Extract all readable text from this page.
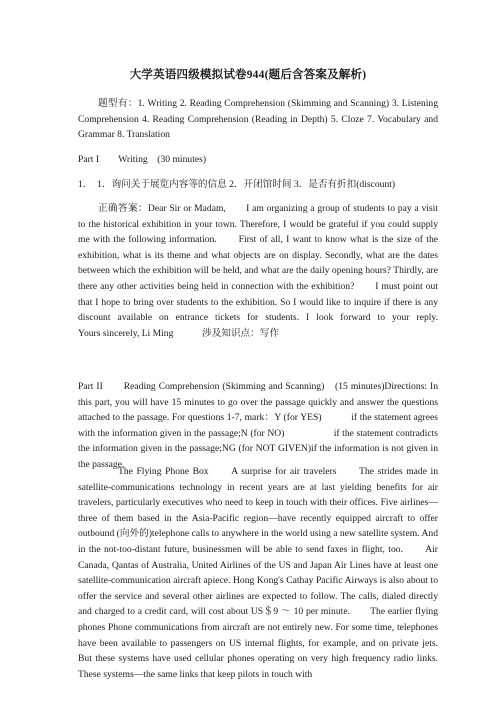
大学英语四级模拟试卷944(题后含答案及解析)

题型有：1. Writing 2. Reading Comprehension (Skimming and Scanning) 3. Listening Comprehension 4. Reading Comprehension (Reading in Depth) 5. Cloze 7. Vocabulary and Grammar 8. Translation

Part I　　Writing　(30 minutes)

1．　1．询问关于展览内容等的信息 2．开闭馆时间 3．是否有折扣(discount)

正确答案：Dear Sir or Madam,　　I am organizing a group of students to pay a visit to the historical exhibition in your town. Therefore, I would be grateful if you could supply me with the following information.　　First of all, I want to know what is the size of the exhibition, what is its theme and what objects are on display. Secondly, what are the dates between which the exhibition will be held, and what are the daily opening hours? Thirdly, are there any other activities being held in connection with the exhibition?　　I must point out that I hope to bring over students to the exhibition. So I would like to inquire if there is any discount available on entrance tickets for students. I look forward to your reply.　　　　Yours sincerely, Li Ming　　　涉及知识点：写作

Part II　　Reading Comprehension (Skimming and Scanning)　(15 minutes)Directions: In this part, you will have 15 minutes to go over the passage quickly and answer the questions attached to the passage. For questions 1-7, mark：Y (for YES)　　　if the statement agrees with the information given in the passage;N (for NO)　　　　　if the statement contradicts the information given in the passage;NG (for NOT GIVEN)if the information is not given in the passage.

The Flying Phone Box　　A surprise for air travelers　　The strides made in satellite-communications technology in recent years are at last yielding benefits for air travelers, particularly executives who need to keep in touch with their offices. Five airlines— three of them based in the Asia-Pacific region—have recently equipped aircraft to offer outbound (向外的)telephone calls to anywhere in the world using a new satellite system. And in the not-too-distant future, businessmen will be able to send faxes in flight, too.　　Air Canada, Qantas of Australia, United Airlines of the US and Japan Air Lines have at least one satellite-communication aircraft apiece. Hong Kong's Cathay Pacific Airways is also about to offer the service and several other airlines are expected to follow. The calls, dialed directly and charged to a credit card, will cost about US＄9 ～ 10 per minute.　　The earlier flying phones Phone communications from aircraft are not entirely new. For some time, telephones have been available to passengers on US internal flights, for example, and on private jets.　　But these systems have used cellular phones operating on very high frequency radio links. These systems—the same links that keep pilots in touch with
